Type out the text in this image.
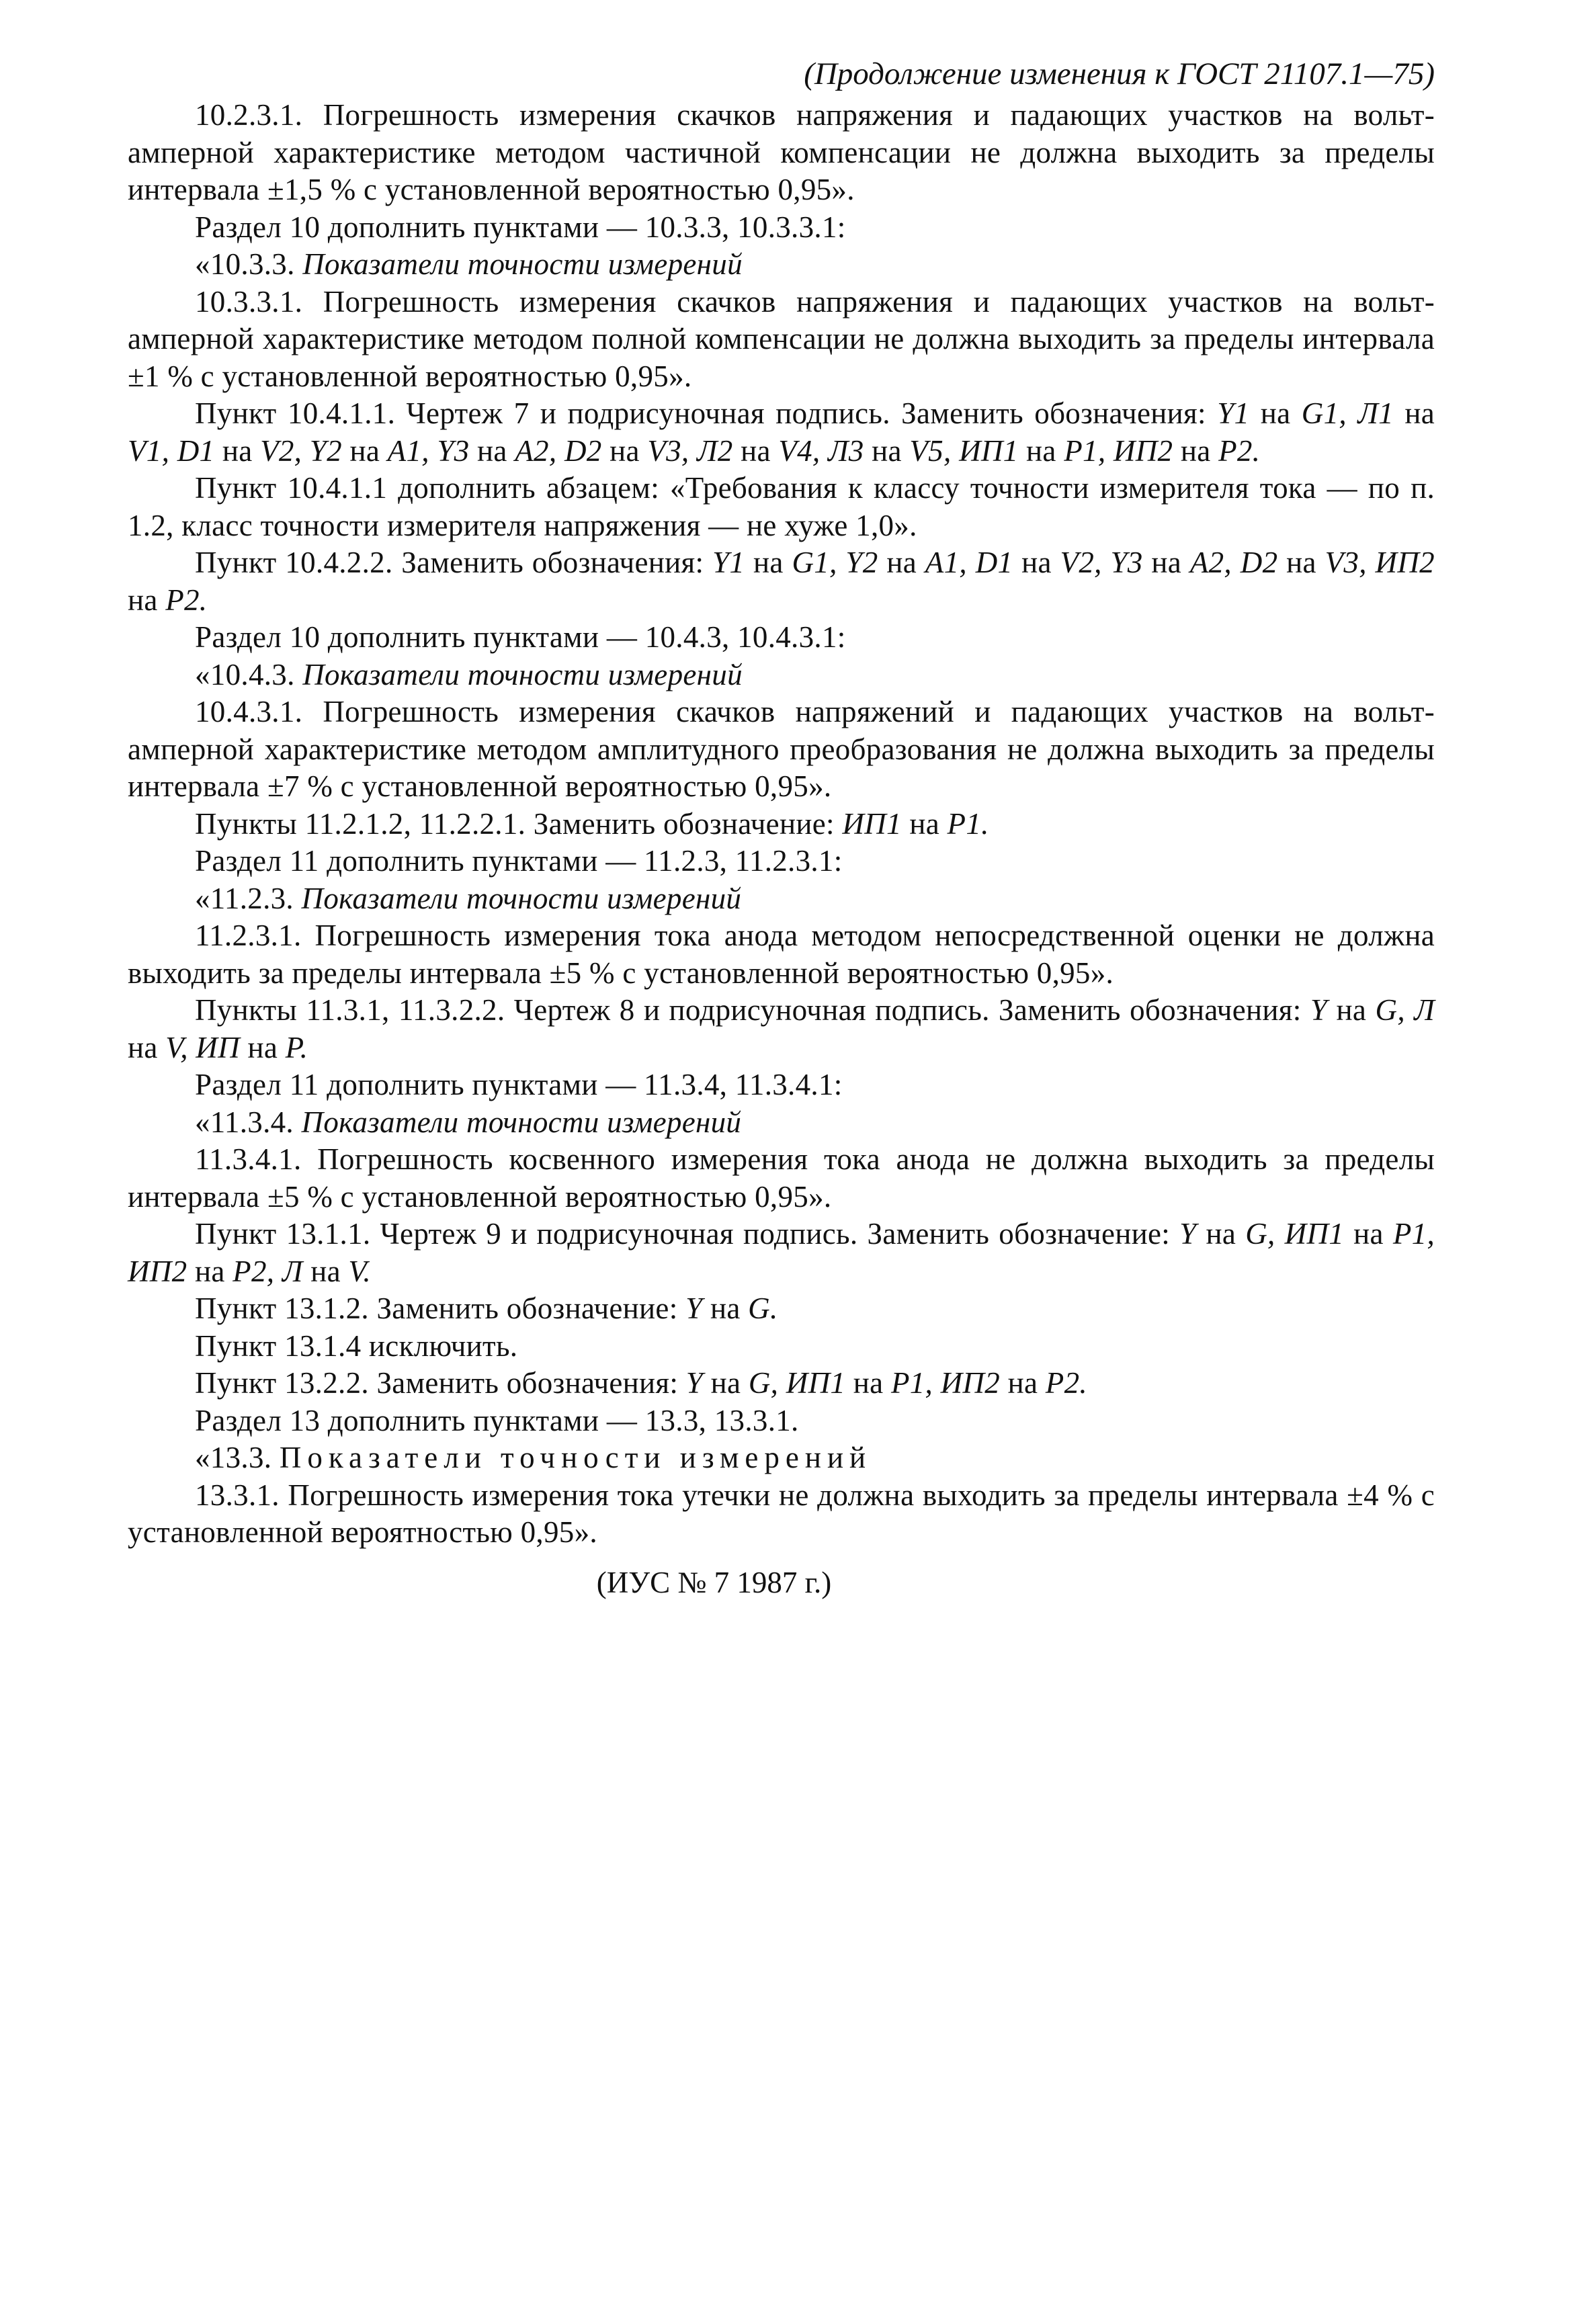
(Продолжение изменения к ГОСТ 21107.1—75)

10.2.3.1. Погрешность измерения скачков напряжения и падающих участков на вольт-амперной характеристике методом частичной компенсации не должна выходить за пределы интервала ±1,5 % с установленной вероятностью 0,95».

Раздел 10 дополнить пунктами — 10.3.3, 10.3.3.1:

«10.3.3. Показатели точности измерений

10.3.3.1. Погрешность измерения скачков напряжения и падающих участков на вольт-амперной характеристике методом полной компенсации не должна выходить за пределы интервала ±1 % с установленной вероятностью 0,95».

Пункт 10.4.1.1. Чертеж 7 и подрисуночная подпись. Заменить обозначения: Y1 на G1, Л1 на V1, D1 на V2, Y2 на A1, Y3 на A2, D2 на V3, Л2 на V4, Л3 на V5, ИП1 на P1, ИП2 на P2.

Пункт 10.4.1.1 дополнить абзацем: «Требования к классу точности измерителя тока — по п. 1.2, класс точности измерителя напряжения — не хуже 1,0».

Пункт 10.4.2.2. Заменить обозначения: Y1 на G1, Y2 на A1, D1 на V2, Y3 на A2, D2 на V3, ИП2 на P2.

Раздел 10 дополнить пунктами — 10.4.3, 10.4.3.1:

«10.4.3. Показатели точности измерений

10.4.3.1. Погрешность измерения скачков напряжений и падающих участков на вольт-амперной характеристике методом амплитудного преобразования не должна выходить за пределы интервала ±7 % с установленной вероятностью 0,95».

Пункты 11.2.1.2, 11.2.2.1. Заменить обозначение: ИП1 на P1.

Раздел 11 дополнить пунктами — 11.2.3, 11.2.3.1:

«11.2.3. Показатели точности измерений

11.2.3.1. Погрешность измерения тока анода методом непосредственной оценки не должна выходить за пределы интервала ±5 % с установленной вероятностью 0,95».

Пункты 11.3.1, 11.3.2.2. Чертеж 8 и подрисуночная подпись. Заменить обозначения: Y на G, Л на V, ИП на P.

Раздел 11 дополнить пунктами — 11.3.4, 11.3.4.1:

«11.3.4. Показатели точности измерений

11.3.4.1. Погрешность косвенного измерения тока анода не должна выходить за пределы интервала ±5 % с установленной вероятностью 0,95».

Пункт 13.1.1. Чертеж 9 и подрисуночная подпись. Заменить обозначение: Y на G, ИП1 на P1, ИП2 на P2, Л на V.

Пункт 13.1.2. Заменить обозначение: Y на G.

Пункт 13.1.4 исключить.

Пункт 13.2.2. Заменить обозначения: Y на G, ИП1 на P1, ИП2 на P2.

Раздел 13 дополнить пунктами — 13.3, 13.3.1.

«13.3. Показатели точности измерений

13.3.1. Погрешность измерения тока утечки не должна выходить за пределы интервала ±4 % с установленной вероятностью 0,95».

(ИУС № 7 1987 г.)
